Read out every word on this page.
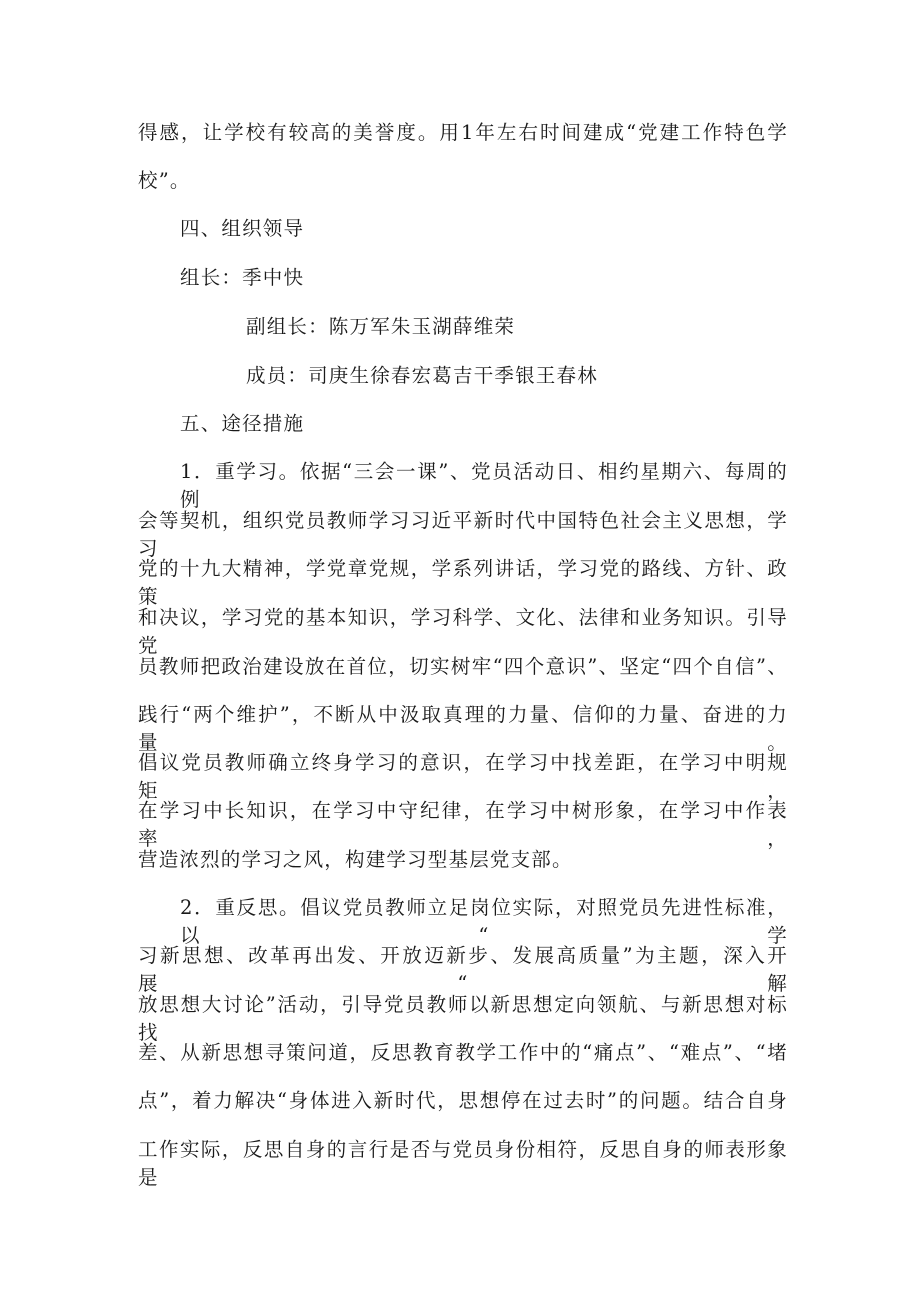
得感，让学校有较高的美誉度。用1年左右时间建成“党建工作特色学
校”。
四、组织领导
组长：季中快
副组长：陈万军朱玉湖薛维荣
成员：司庚生徐春宏葛吉干季银王春林
五、途径措施
1．重学习。依据“三会一课”、党员活动日、相约星期六、每周的例
会等契机，组织党员教师学习习近平新时代中国特色社会主义思想，学习
党的十九大精神，学党章党规，学系列讲话，学习党的路线、方针、政策
和决议，学习党的基本知识，学习科学、文化、法律和业务知识。引导党
员教师把政治建设放在首位，切实树牢“四个意识”、坚定“四个自信”、
践行“两个维护”，不断从中汲取真理的力量、信仰的力量、奋进的力量。
倡议党员教师确立终身学习的意识，在学习中找差距，在学习中明规矩，
在学习中长知识，在学习中守纪律，在学习中树形象，在学习中作表率，
营造浓烈的学习之风，构建学习型基层党支部。
2．重反思。倡议党员教师立足岗位实际，对照党员先进性标准，以“学
习新思想、改革再出发、开放迈新步、发展高质量”为主题，深入开展“解
放思想大讨论”活动，引导党员教师以新思想定向领航、与新思想对标找
差、从新思想寻策问道，反思教育教学工作中的“痛点”、“难点”、“堵
点”，着力解决“身体进入新时代，思想停在过去时”的问题。结合自身
工作实际，反思自身的言行是否与党员身份相符，反思自身的师表形象是
